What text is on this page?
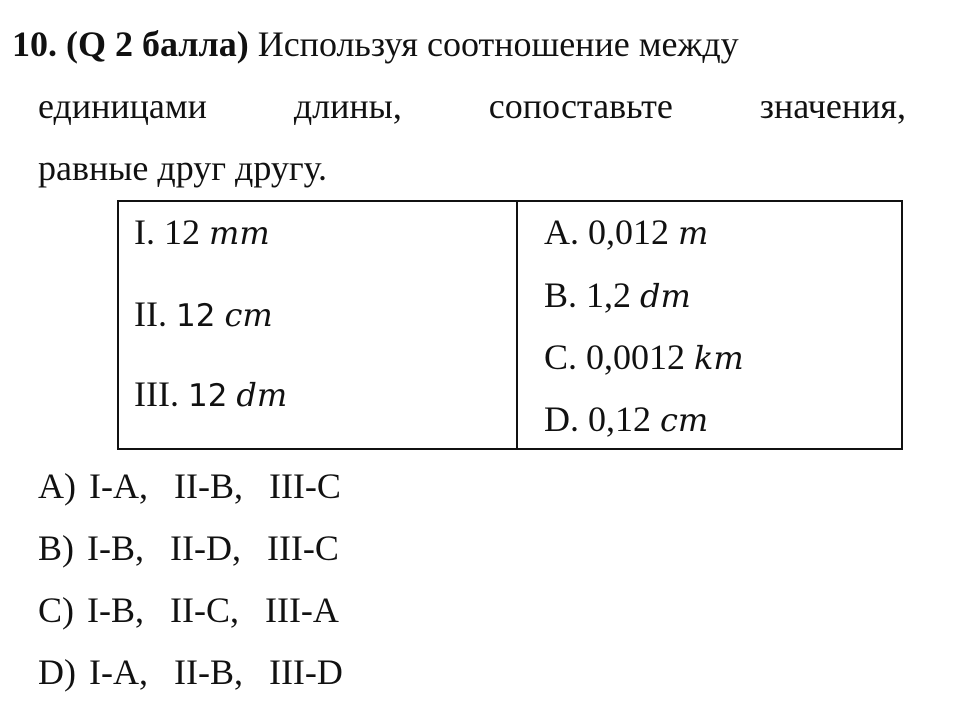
10. (Q 2 балла) Используя соотношение между
единицами длины, сопоставьте значения,
равные друг другу.
I. 12 mm
II. 12 cm
III. 12 dm
A. 0,012 m
B. 1,2 dm
C. 0,0012 km
D. 0,12 cm
A) I-A,  II-B,  III-C
B) I-B,  II-D,  III-C
C) I-B,  II-C,  III-A
D) I-A,  II-B,  III-D
